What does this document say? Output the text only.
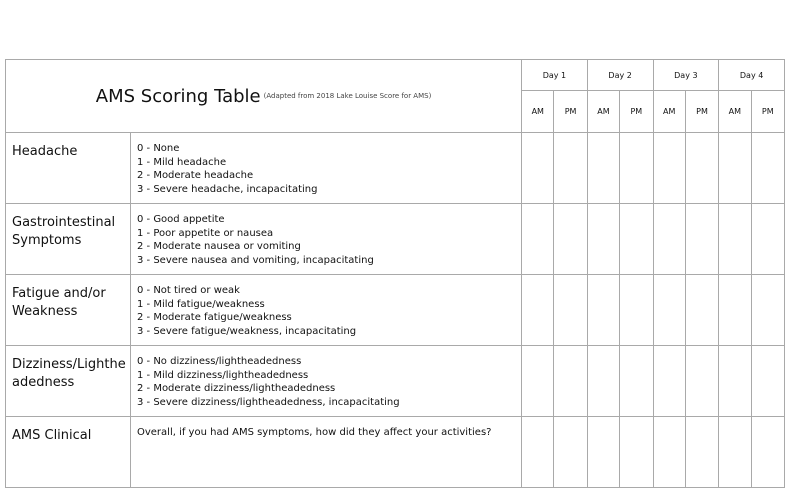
AMS Scoring Table (Adapted from 2018 Lake Louise Score for AMS)		Day 1		Day 2		Day 3		Day 4	
		AM	PM	AM	PM	AM	PM	AM	PM
Headache	0 - None
1 - Mild headache
2 - Moderate headache
3 - Severe headache, incapacitating								

Gastrointestinal Symptoms	0 - Good appetite
1 - Poor appetite or nausea
2 - Moderate nausea or vomiting
3 - Severe nausea and vomiting, incapacitating								

Fatigue and/or Weakness	0 - Not tired or weak
1 - Mild fatigue/weakness
2 - Moderate fatigue/weakness
3 - Severe fatigue/weakness, incapacitating								

Dizziness/Lightheadedness	0 - No dizziness/lightheadedness
1 - Mild dizziness/lightheadedness
2 - Moderate dizziness/lightheadedness
3 - Severe dizziness/lightheadedness, incapacitating								

AMS Clinical	Overall, if you had AMS symptoms, how did they affect your activities?								
